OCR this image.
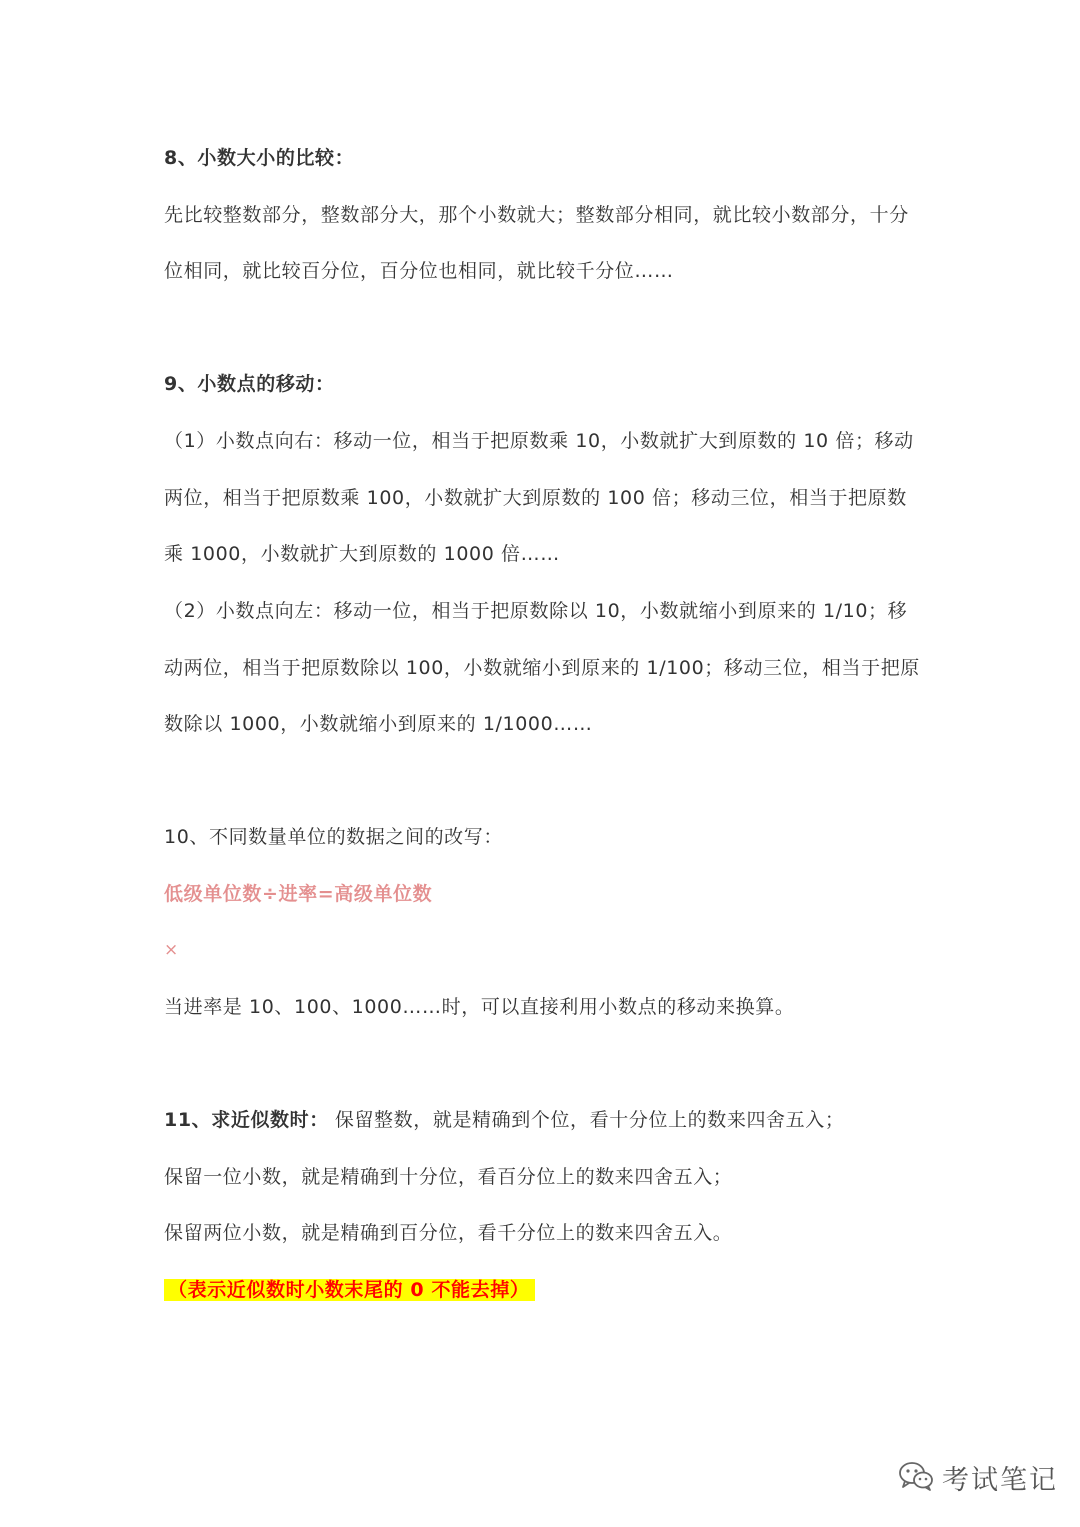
8、小数大小的比较：
先比较整数部分，整数部分大，那个小数就大；整数部分相同，就比较小数部分，十分
位相同，就比较百分位，百分位也相同，就比较千分位……
9、小数点的移动：
（1）小数点向右：移动一位，相当于把原数乘 10，小数就扩大到原数的 10 倍；移动
两位，相当于把原数乘 100，小数就扩大到原数的 100 倍；移动三位，相当于把原数
乘 1000，小数就扩大到原数的 1000 倍……
（2）小数点向左：移动一位，相当于把原数除以 10，小数就缩小到原来的 1/10；移
动两位，相当于把原数除以 100，小数就缩小到原来的 1/100；移动三位，相当于把原
数除以 1000，小数就缩小到原来的 1/1000……
10、不同数量单位的数据之间的改写：
低级单位数÷进率=高级单位数
×
当进率是 10、100、1000……时，可以直接利用小数点的移动来换算。
11、求近似数时： 保留整数，就是精确到个位，看十分位上的数来四舍五入；
保留一位小数，就是精确到十分位，看百分位上的数来四舍五入；
保留两位小数，就是精确到百分位，看千分位上的数来四舍五入。
（表示近似数时小数末尾的 0 不能去掉）
考试笔记
